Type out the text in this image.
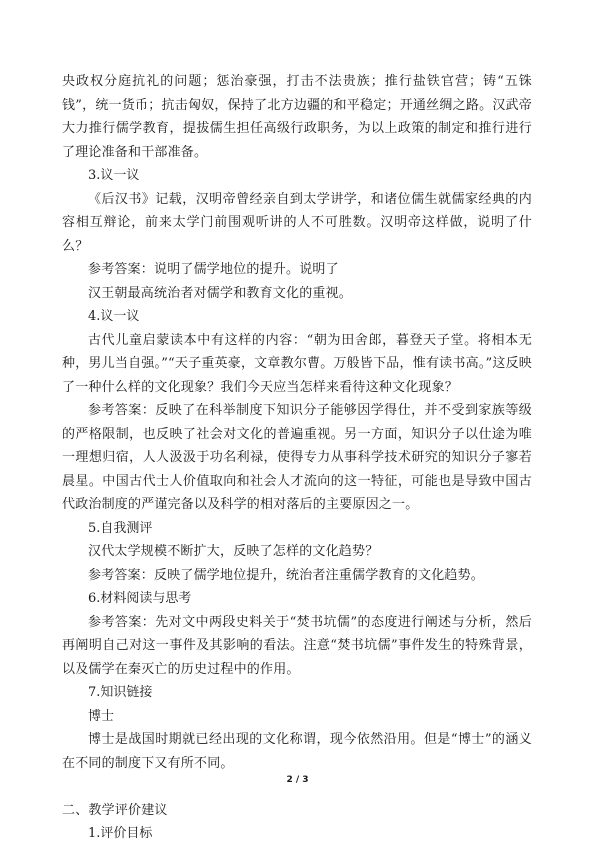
央政权分庭抗礼的问题；惩治豪强，打击不法贵族；推行盐铁官营；铸“五铢钱”，统一货币；抗击匈奴，保持了北方边疆的和平稳定；开通丝绸之路。汉武帝大力推行儒学教育，提拔儒生担任高级行政职务，为以上政策的制定和推行进行了理论准备和干部准备。

3.议一议

《后汉书》记载，汉明帝曾经亲自到太学讲学，和诸位儒生就儒家经典的内容相互辩论，前来太学门前围观听讲的人不可胜数。汉明帝这样做，说明了什么？

参考答案：说明了儒学地位的提升。说明了

汉王朝最高统治者对儒学和教育文化的重视。

4.议一议

古代儿童启蒙读本中有这样的内容：“朝为田舍郎，暮登天子堂。将相本无种，男儿当自强。”“天子重英豪，文章教尔曹。万般皆下品，惟有读书高。”这反映了一种什么样的文化现象？我们今天应当怎样来看待这种文化现象？

参考答案：反映了在科举制度下知识分子能够因学得仕，并不受到家族等级的严格限制，也反映了社会对文化的普遍重视。另一方面，知识分子以仕途为唯一理想归宿，人人汲汲于功名利禄，使得专力从事科学技术研究的知识分子寥若晨星。中国古代士人价值取向和社会人才流向的这一特征，可能也是导致中国古代政治制度的严谨完备以及科学的相对落后的主要原因之一。

5.自我测评

汉代太学规模不断扩大，反映了怎样的文化趋势？

参考答案：反映了儒学地位提升，统治者注重儒学教育的文化趋势。

6.材料阅读与思考

参考答案：先对文中两段史料关于“焚书坑儒”的态度进行阐述与分析，然后再阐明自己对这一事件及其影响的看法。注意“焚书坑儒”事件发生的特殊背景，以及儒学在秦灭亡的历史过程中的作用。

7.知识链接

博士

博士是战国时期就已经出现的文化称谓，现今依然沿用。但是“博士”的涵义在不同的制度下又有所不同。

二、教学评价建议

1.评价目标

2 / 3
